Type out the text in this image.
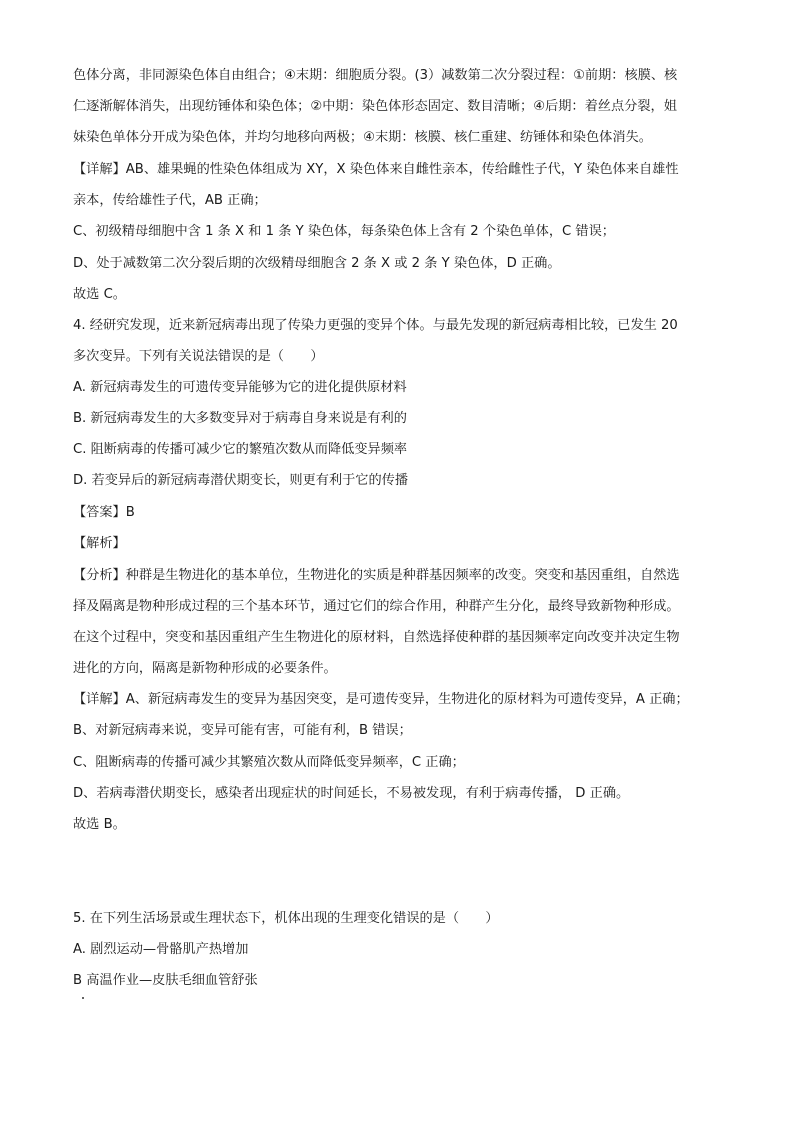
色体分离，非同源染色体自由组合；④末期：细胞质分裂。(3）减数第二次分裂过程：①前期：核膜、核
仁逐渐解体消失，出现纺锤体和染色体；②中期：染色体形态固定、数目清晰；④后期：着丝点分裂，姐
妹染色单体分开成为染色体，并均匀地移向两极；④末期：核膜、核仁重建、纺锤体和染色体消失。
【详解】AB、雄果蝇的性染色体组成为 XY，X 染色体来自雌性亲本，传给雌性子代，Y 染色体来自雄性
亲本，传给雄性子代，AB 正确；
C、初级精母细胞中含 1 条 X 和 1 条 Y 染色体，每条染色体上含有 2 个染色单体，C 错误；
D、处于减数第二次分裂后期的次级精母细胞含 2 条 X 或 2 条 Y 染色体，D 正确。
故选 C。
4. 经研究发现，近来新冠病毒出现了传染力更强的变异个体。与最先发现的新冠病毒相比较，已发生 20
多次变异。下列有关说法错误的是（　　）
A. 新冠病毒发生的可遗传变异能够为它的进化提供原材料
B. 新冠病毒发生的大多数变异对于病毒自身来说是有利的
C. 阻断病毒的传播可减少它的繁殖次数从而降低变异频率
D. 若变异后的新冠病毒潜伏期变长，则更有利于它的传播
【答案】B
【解析】
【分析】种群是生物进化的基本单位，生物进化的实质是种群基因频率的改变。突变和基因重组，自然选
择及隔离是物种形成过程的三个基本环节，通过它们的综合作用，种群产生分化，最终导致新物种形成。
在这个过程中，突变和基因重组产生生物进化的原材料，自然选择使种群的基因频率定向改变并决定生物
进化的方向，隔离是新物种形成的必要条件。
【详解】A、新冠病毒发生的变异为基因突变，是可遗传变异，生物进化的原材料为可遗传变异，A 正确；
B、对新冠病毒来说，变异可能有害，可能有利，B 错误；
C、阻断病毒的传播可减少其繁殖次数从而降低变异频率，C 正确；
D、若病毒潜伏期变长，感染者出现症状的时间延长，不易被发现，有利于病毒传播， D 正确。
故选 B。
5. 在下列生活场景或生理状态下，机体出现的生理变化错误的是（　　）
A. 剧烈运动—骨骼肌产热增加
B 高温作业—皮肤毛细血管舒张
